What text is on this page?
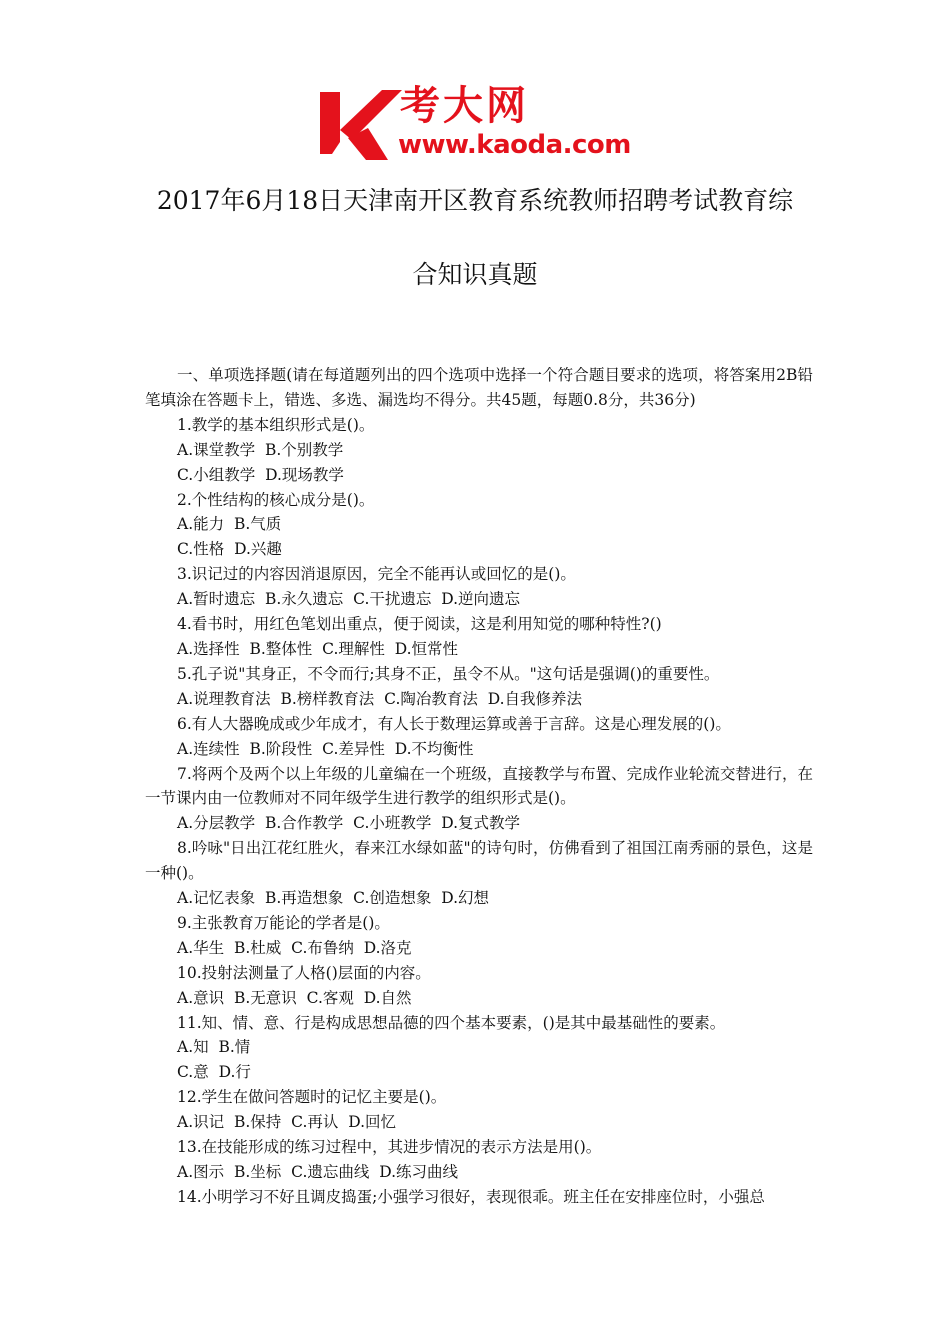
考大网
www.kaoda.com
2017年6月18日天津南开区教育系统教师招聘考试教育综
合知识真题

一、单项选择题(请在每道题列出的四个选项中选择一个符合题目要求的选项，将答案用2B铅笔填涂在答题卡上，错选、多选、漏选均不得分。共45题，每题0.8分，共36分)

1.教学的基本组织形式是()。

A.课堂教学  B.个别教学

C.小组教学  D.现场教学

2.个性结构的核心成分是()。

A.能力  B.气质

C.性格  D.兴趣

3.识记过的内容因消退原因，完全不能再认或回忆的是()。

A.暂时遗忘  B.永久遗忘  C.干扰遗忘  D.逆向遗忘

4.看书时，用红色笔划出重点，便于阅读，这是利用知觉的哪种特性?()

A.选择性  B.整体性  C.理解性  D.恒常性

5.孔子说"其身正，不令而行;其身不正，虽令不从。"这句话是强调()的重要性。

A.说理教育法  B.榜样教育法  C.陶冶教育法  D.自我修养法

6.有人大器晚成或少年成才，有人长于数理运算或善于言辞。这是心理发展的()。

A.连续性  B.阶段性  C.差异性  D.不均衡性

7.将两个及两个以上年级的儿童编在一个班级，直接教学与布置、完成作业轮流交替进行，在一节课内由一位教师对不同年级学生进行教学的组织形式是()。

A.分层教学  B.合作教学  C.小班教学  D.复式教学

8.吟咏"日出江花红胜火，春来江水绿如蓝"的诗句时，仿佛看到了祖国江南秀丽的景色，这是一种()。

A.记忆表象  B.再造想象  C.创造想象  D.幻想

9.主张教育万能论的学者是()。

A.华生  B.杜威  C.布鲁纳  D.洛克

10.投射法测量了人格()层面的内容。

A.意识  B.无意识  C.客观  D.自然

11.知、情、意、行是构成思想品德的四个基本要素，()是其中最基础性的要素。

A.知  B.情

C.意  D.行

12.学生在做问答题时的记忆主要是()。

A.识记  B.保持  C.再认  D.回忆

13.在技能形成的练习过程中，其进步情况的表示方法是用()。

A.图示  B.坐标  C.遗忘曲线  D.练习曲线

14.小明学习不好且调皮捣蛋;小强学习很好，表现很乖。班主任在安排座位时，小强总
